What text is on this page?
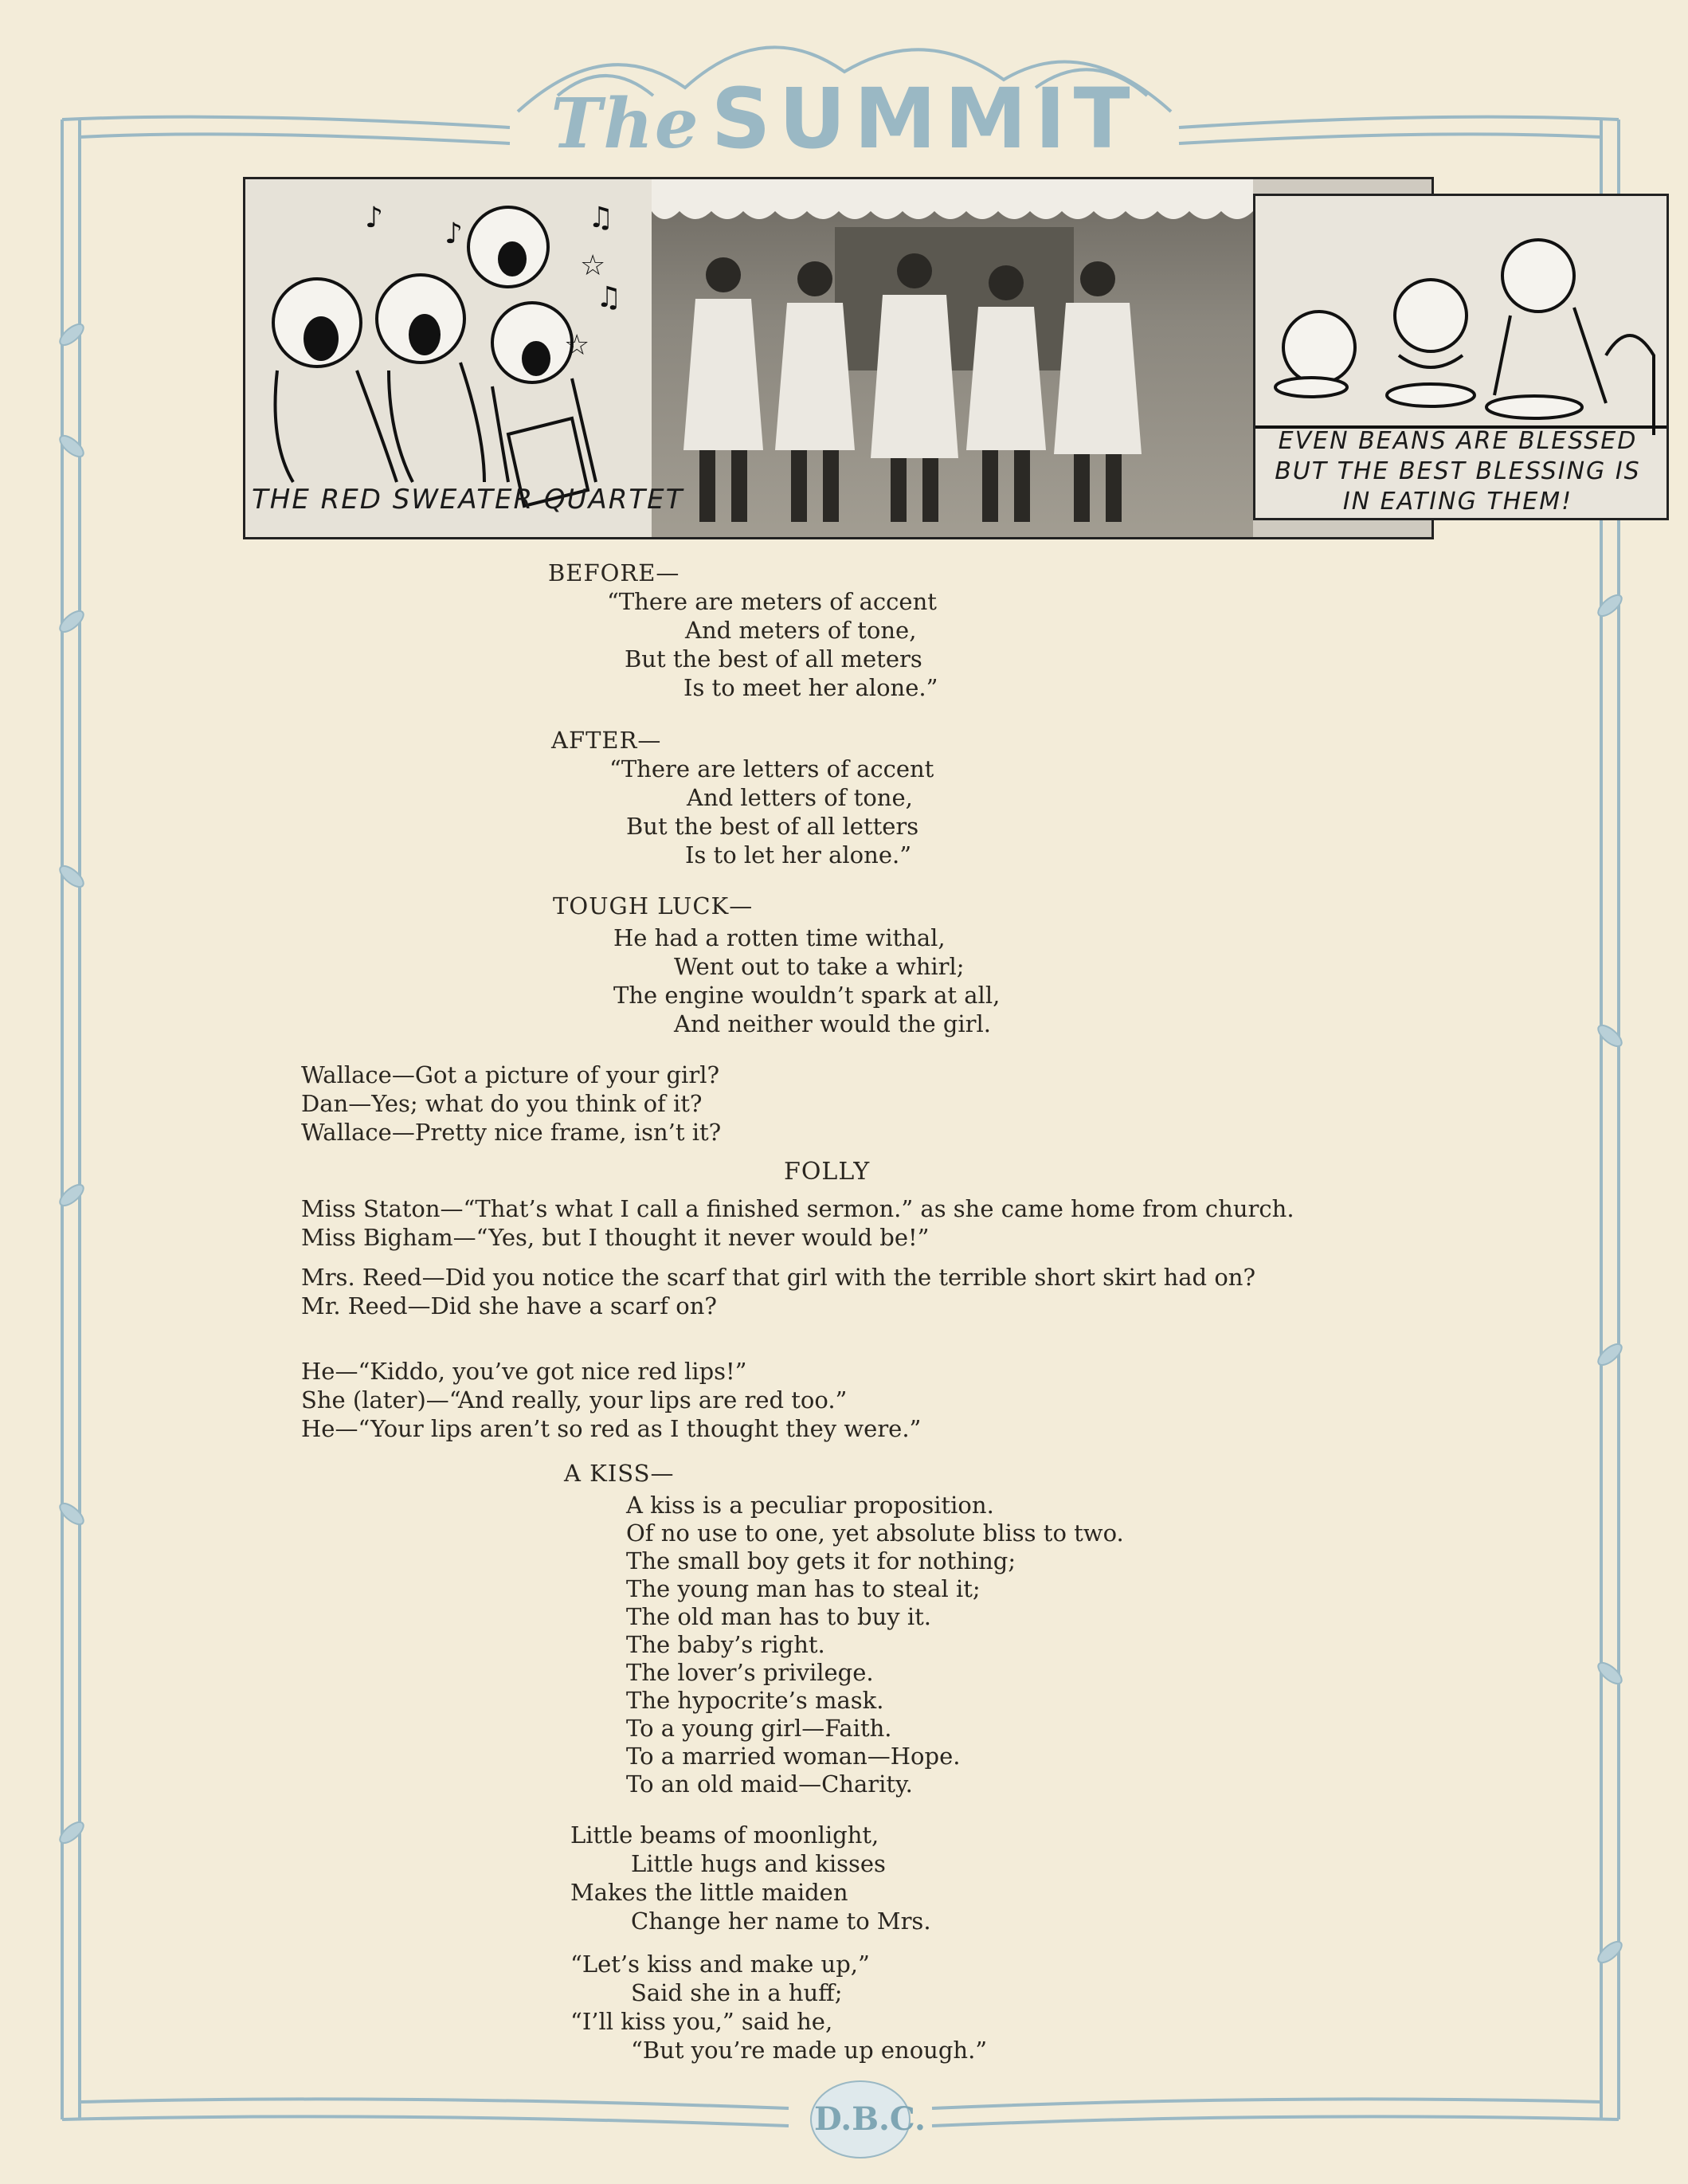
The SUMMIT
♪ ♪	♫
♫
☆
☆
THE RED SWEATER QUARTET
EVEN BEANS ARE BLESSED
BUT THE BEST BLESSING IS
IN EATING THEM!
BEFORE—
“There are meters of accent
And meters of tone,
But the best of all meters
Is to meet her alone.”
AFTER—
“There are letters of accent
And letters of tone,
But the best of all letters
Is to let her alone.”
TOUGH LUCK—
He had a rotten time withal,
Went out to take a whirl;
The engine wouldn’t spark at all,
And neither would the girl.
Wallace—Got a picture of your girl?
Dan—Yes; what do you think of it?
Wallace—Pretty nice frame, isn’t it?
FOLLY
Miss Staton—“That’s what I call a finished sermon.” as she came home from church.
Miss Bigham—“Yes, but I thought it never would be!”
Mrs. Reed—Did you notice the scarf that girl with the terrible short skirt had on?
Mr. Reed—Did she have a scarf on?
He—“Kiddo, you’ve got nice red lips!”
She (later)—“And really, your lips are red too.”
He—“Your lips aren’t so red as I thought they were.”
A KISS—
A kiss is a peculiar proposition.
Of no use to one, yet absolute bliss to two.
The small boy gets it for nothing;
The young man has to steal it;
The old man has to buy it.
The baby’s right.
The lover’s privilege.
The hypocrite’s mask.
To a young girl—Faith.
To a married woman—Hope.
To an old maid—Charity.
Little beams of moonlight,
Little hugs and kisses
Makes the little maiden
Change her name to Mrs.
“Let’s kiss and make up,”
Said she in a huff;
“I’ll kiss you,” said he,
“But you’re made up enough.”
D.B.C.
